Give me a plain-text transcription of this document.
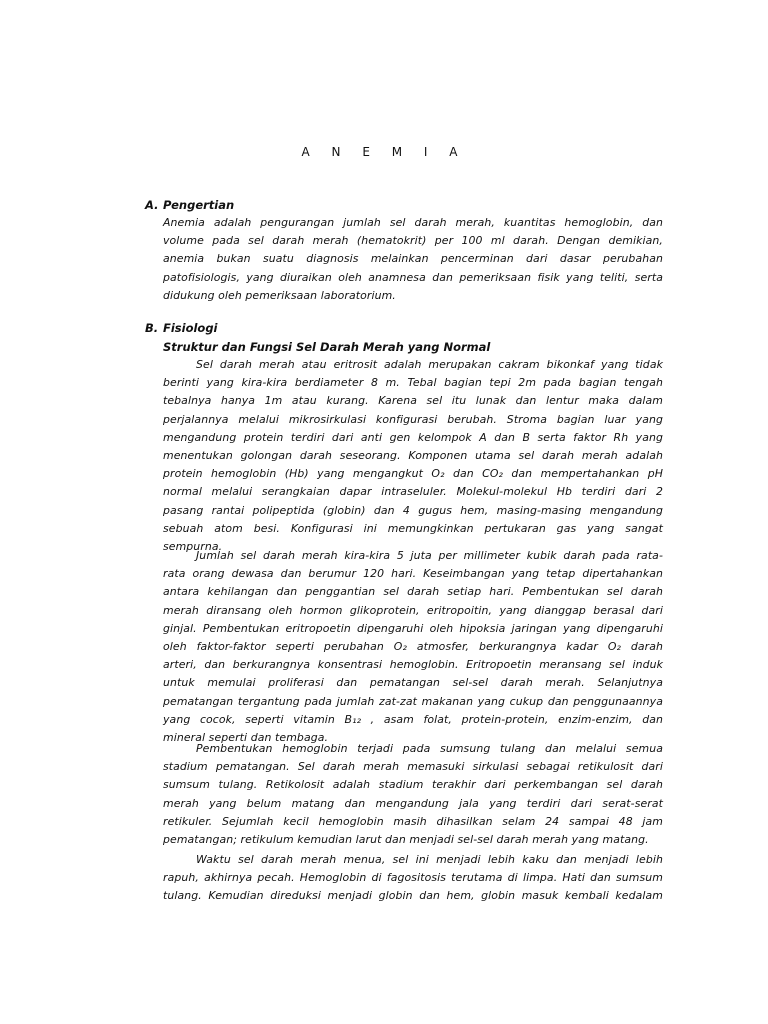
A N E M I A
A. Pengertian
Anemia adalah pengurangan jumlah sel darah merah, kuantitas hemoglobin, dan
volume pada sel darah merah (hematokrit) per 100 ml darah. Dengan demikian,
anemia bukan suatu diagnosis melainkan pencerminan dari dasar perubahan
patofisiologis, yang diuraikan oleh anamnesa dan pemeriksaan fisik yang teliti, serta
didukung oleh pemeriksaan laboratorium.
B. Fisiologi
Struktur dan Fungsi Sel Darah Merah yang Normal
Sel darah merah atau eritrosit adalah merupakan cakram bikonkaf yang tidak
berinti yang kira-kira berdiameter 8 m. Tebal bagian tepi 2m pada bagian tengah
tebalnya hanya 1m atau kurang. Karena sel itu lunak dan lentur maka dalam
perjalannya melalui mikrosirkulasi konfigurasi berubah. Stroma bagian luar yang
mengandung protein terdiri dari anti gen kelompok A dan B serta faktor Rh yang
menentukan golongan darah seseorang. Komponen utama sel darah merah adalah
protein hemoglobin (Hb) yang mengangkut O₂ dan CO₂ dan mempertahankan pH
normal melalui serangkaian dapar intraseluler. Molekul-molekul Hb terdiri dari 2
pasang rantai polipeptida (globin) dan 4 gugus hem, masing-masing mengandung
sebuah atom besi. Konfigurasi ini memungkinkan pertukaran gas yang sangat
sempurna.
Jumlah sel darah merah kira-kira 5 juta per millimeter kubik darah pada rata-
rata orang dewasa dan berumur 120 hari. Keseimbangan yang tetap dipertahankan
antara kehilangan dan penggantian sel darah setiap hari. Pembentukan sel darah
merah diransang oleh hormon glikoprotein, eritropoitin, yang dianggap berasal dari
ginjal. Pembentukan eritropoetin dipengaruhi oleh hipoksia jaringan yang dipengaruhi
oleh faktor-faktor seperti perubahan O₂ atmosfer, berkurangnya kadar O₂ darah
arteri, dan berkurangnya konsentrasi hemoglobin. Eritropoetin meransang sel induk
untuk memulai proliferasi dan pematangan sel-sel darah merah. Selanjutnya
pematangan tergantung pada jumlah zat-zat makanan yang cukup dan penggunaannya
yang cocok, seperti vitamin B₁₂ , asam folat, protein-protein, enzim-enzim, dan
mineral seperti dan tembaga.
Pembentukan hemoglobin terjadi pada sumsung tulang dan melalui semua
stadium pematangan. Sel darah merah memasuki sirkulasi sebagai retikulosit dari
sumsum tulang. Retikolosit adalah stadium terakhir dari perkembangan sel darah
merah yang belum matang dan mengandung jala yang terdiri dari serat-serat
retikuler. Sejumlah kecil hemoglobin masih dihasilkan selam 24 sampai 48 jam
pematangan; retikulum kemudian larut dan menjadi sel-sel darah merah yang matang.
Waktu sel darah merah menua, sel ini menjadi lebih kaku dan menjadi lebih
rapuh, akhirnya pecah. Hemoglobin di fagositosis terutama di limpa. Hati dan sumsum
tulang. Kemudian direduksi menjadi globin dan hem, globin masuk kembali kedalam
